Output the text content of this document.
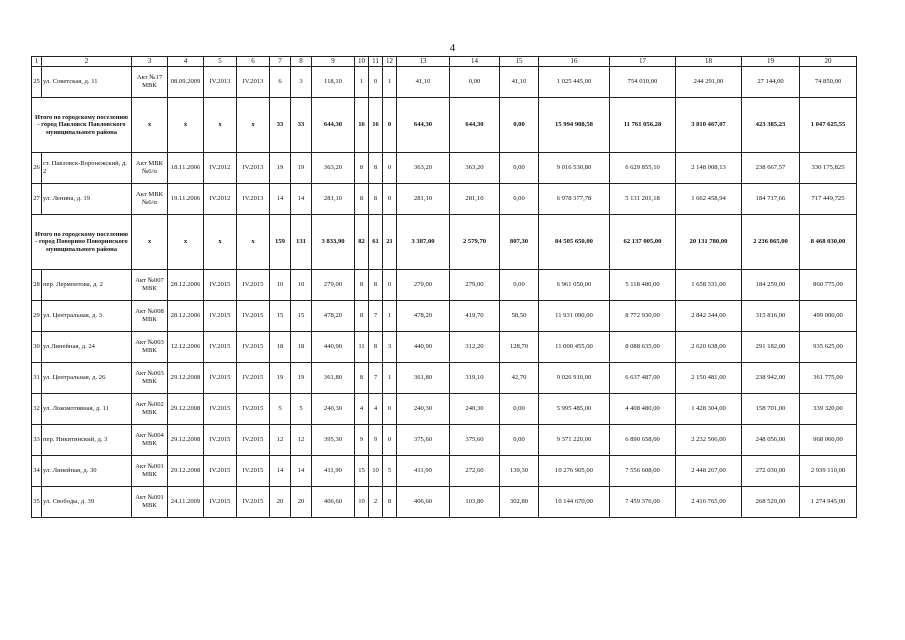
4
1	2	3	4	5	6	7	8	9	10	11	12	13	14	15	16	17	18	19	20
25	ул. Советская, д. 11	Акт №17 МВК	08.09.2009	IV.2013	IV.2013	6	3	118,10	1	0	1	41,10	0,00	41,10	1 025 445,00	754 010,00	244 291,00	27 144,00	74 850,00
Итого по городскому поселению - город Павловск Павловского муниципального района		х	х	х	х	33	33	644,30	16	16	0	644,30	644,30	0,00	15 994 908,58	11 761 056,28	3 810 467,07	423 385,23	1 047 625,55
26	ст. Павловск-Воронежский, д. 2	Акт МВК №6/п	18.11.2006	IV.2012	IV.2013	19	19	363,20	8	8	0	363,20	363,20	0,00	9 016 530,80	6 629 855,10	2 148 008,13	238 667,57	330 175,825
27	ул. Ленина, д. 19	Акт МВК №6/п	19.11.2006	IV.2012	IV.2013	14	14	281,10	8	8	0	281,10	281,10	0,00	6 978 377,78	5 131 201,18	1 662 458,94	184 717,66	717 449,725
Итого по городскому поселению - город Поворино Поворинского муниципального района		х	х	х	х	159	131	3 833,90	82	61	21	3 387,00	2 579,70	807,30	84 505 650,00	62 137 005,00	20 131 780,00	2 236 865,00	8 468 030,00
28	пер. Лермонтова, д. 2	Акт №007 МВК	28.12.2006	IV.2015	IV.2015	10	10	279,00	8	8	0	279,00	279,00	0,00	6 961 050,00	5 118 480,00	1 658 331,00	184 259,00	860 775,00
29	ул. Центральная, д. 3	Акт №008 МВК	28.12.2006	IV.2015	IV.2015	15	15	478,20	8	7	1	478,20	419,70	58,50	11 931 090,00	8 772 930,00	2 842 344,00	315 816,00	499 000,00
30	ул.Линейная, д. 24	Акт №003 МВК	12.12.2006	IV.2015	IV.2015	18	18	440,90	11	8	3	440,90	312,20	128,70	11 000 455,00	8 088 635,00	2 620 638,00	291 182,00	935 625,00
31	ул. Центральная, д. 26	Акт №003 МВК	29.12.2008	IV.2015	IV.2015	19	19	361,80	8	7	1	361,80	319,10	42,70	9 026 910,00	6 637 487,00	2 150 481,00	238 942,00	361 775,00
32	ул. Локомотивная, д. 11	Акт №002 МВК	29.12.2008	IV.2015	IV.2015	5	5	240,30	4	4	0	240,30	240,30	0,00	5 995 485,00	4 408 480,00	1 428 304,00	158 701,00	339 320,00
33	пер. Никитинский, д. 3	Акт №004 МВК	29.12.2008	IV.2015	IV.2015	12	12	395,30	9	9	0	375,60	375,60	0,00	9 371 220,00	6 890 658,00	2 232 506,00	248 056,00	968 060,00
34	ул. Линейная, д. 30	Акт №001 МВК	29.12.2008	IV.2015	IV.2015	14	14	411,90	15	10	5	411,90	272,60	139,30	10 276 905,00	7 556 608,00	2 448 267,00	272 030,00	2 939 110,00
35	ул. Свободы, д. 39	Акт №001 МВК	24.11.2009	IV.2015	IV.2015	20	20	406,60	10	2	8	406,60	103,80	302,80	10 144 670,00	7 459 376,00	2 416 765,00	268 529,00	1 274 945,00
